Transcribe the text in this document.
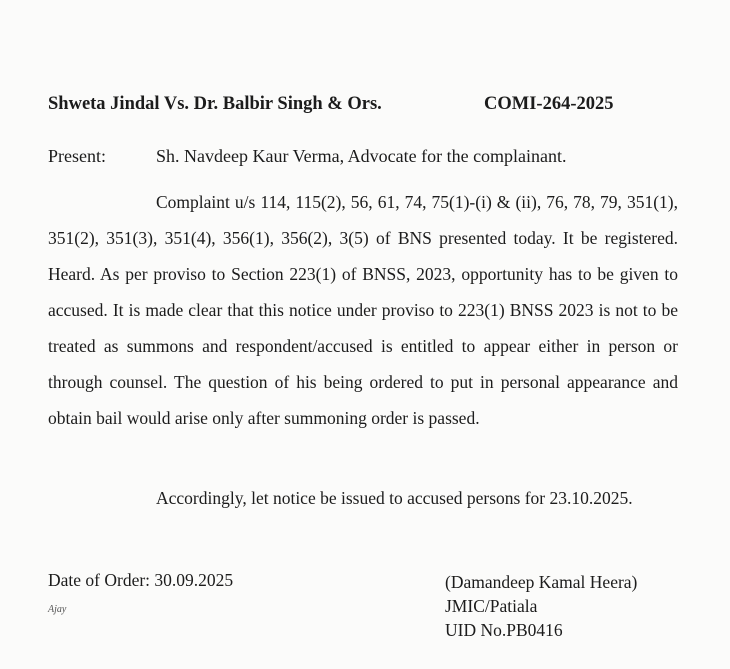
Shweta Jindal Vs. Dr. Balbir Singh & Ors.	COMI-264-2025
Present:	Sh. Navdeep Kaur Verma, Advocate for the complainant.

Complaint u/s 114, 115(2), 56, 61, 74, 75(1)-(i) & (ii), 76, 78, 79, 351(1), 351(2), 351(3), 351(4), 356(1), 356(2), 3(5) of BNS presented today. It be registered. Heard. As per proviso to Section 223(1) of BNSS, 2023, opportunity has to be given to accused. It is made clear that this notice under proviso to 223(1) BNSS 2023 is not to be treated as summons and respondent/accused is entitled to appear either in person or through counsel. The question of his being ordered to put in personal appearance and obtain bail would arise only after summoning order is passed.

Accordingly, let notice be issued to accused persons for 23.10.2025.

Date of Order: 30.09.2025
Ajay
(Damandeep Kamal Heera)
JMIC/Patiala
UID No.PB0416
